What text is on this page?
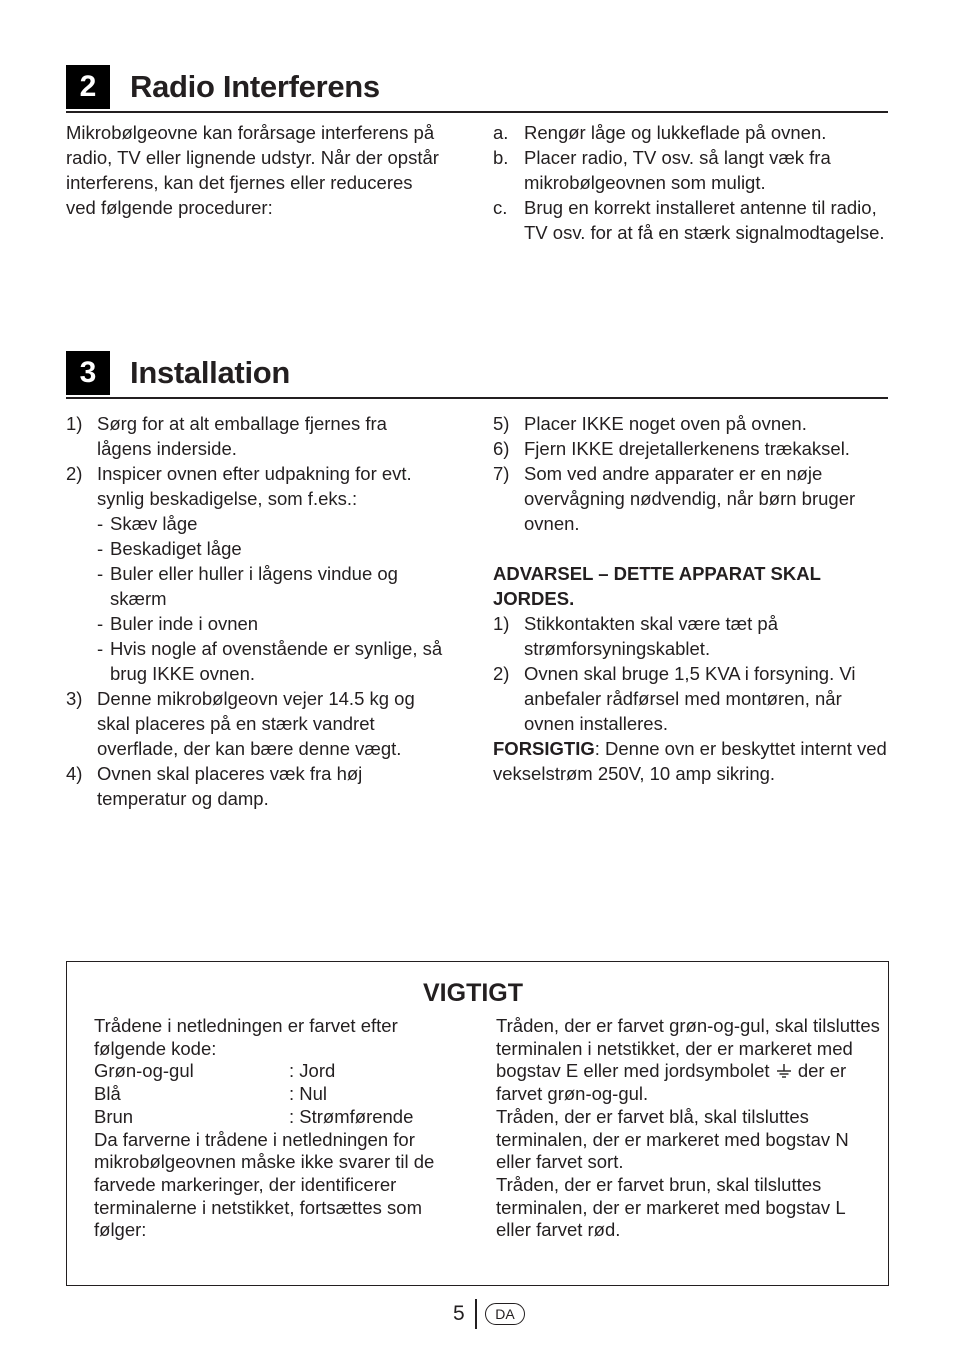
2	Radio Interferens

Mikrobølgeovne kan forårsage interferens på radio, TV eller lignende udstyr. Når der opstår interferens, kan det fjernes eller reduceres ved følgende procedurer:

a. Rengør låge og lukkeflade på ovnen.
b. Placer radio, TV osv. så langt væk fra mikrobølgeovnen som muligt.
c. Brug en korrekt installeret antenne til radio, TV osv. for at få en stærk signalmodtagelse.
3	Installation
1) Sørg for at alt emballage fjernes fra lågens inderside.
2) Inspicer ovnen efter udpakning for evt. synlig beskadigelse, som f.eks.:
- Skæv låge
- Beskadiget låge
- Buler eller huller i lågens vindue og skærm
- Buler inde i ovnen
- Hvis nogle af ovenstående er synlige, så brug IKKE ovnen.
3) Denne mikrobølgeovn vejer 14.5 kg og skal placeres på en stærk vandret overflade, der kan bære denne vægt.
4) Ovnen skal placeres væk fra høj temperatur og damp.
5) Placer IKKE noget oven på ovnen.
6) Fjern IKKE drejetallerkenens trækaksel.
7) Som ved andre apparater er en nøje overvågning nødvendig, når børn bruger ovnen.

ADVARSEL – DETTE APPARAT SKAL JORDES.

1) Stikkontakten skal være tæt på strømforsyningskablet.
2) Ovnen skal bruge 1,5 KVA i forsyning. Vi anbefaler rådførsel med montøren, når ovnen installeres.

FORSIGTIG: Denne ovn er beskyttet internt ved vekselstrøm 250V, 10 amp sikring.

VIGTIGT

Trådene i netledningen er farvet efter følgende kode:

Grøn-og-gul	: Jord
Blå	: Nul
Brun	: Strømførende

Da farverne i trådene i netledningen for mikrobølgeovnen måske ikke svarer til de farvede markeringer, der identificerer terminalerne i netstikket, fortsættes som følger:

Tråden, der er farvet grøn-og-gul, skal tilsluttes terminalen i netstikket, der er markeret med bogstav E eller med jordsymbolet der er farvet grøn-og-gul.

Tråden, der er farvet blå, skal tilsluttes terminalen, der er markeret med bogstav N eller farvet sort.

Tråden, der er farvet brun, skal tilsluttes terminalen, der er markeret med bogstav L eller farvet rød.

5	DA
